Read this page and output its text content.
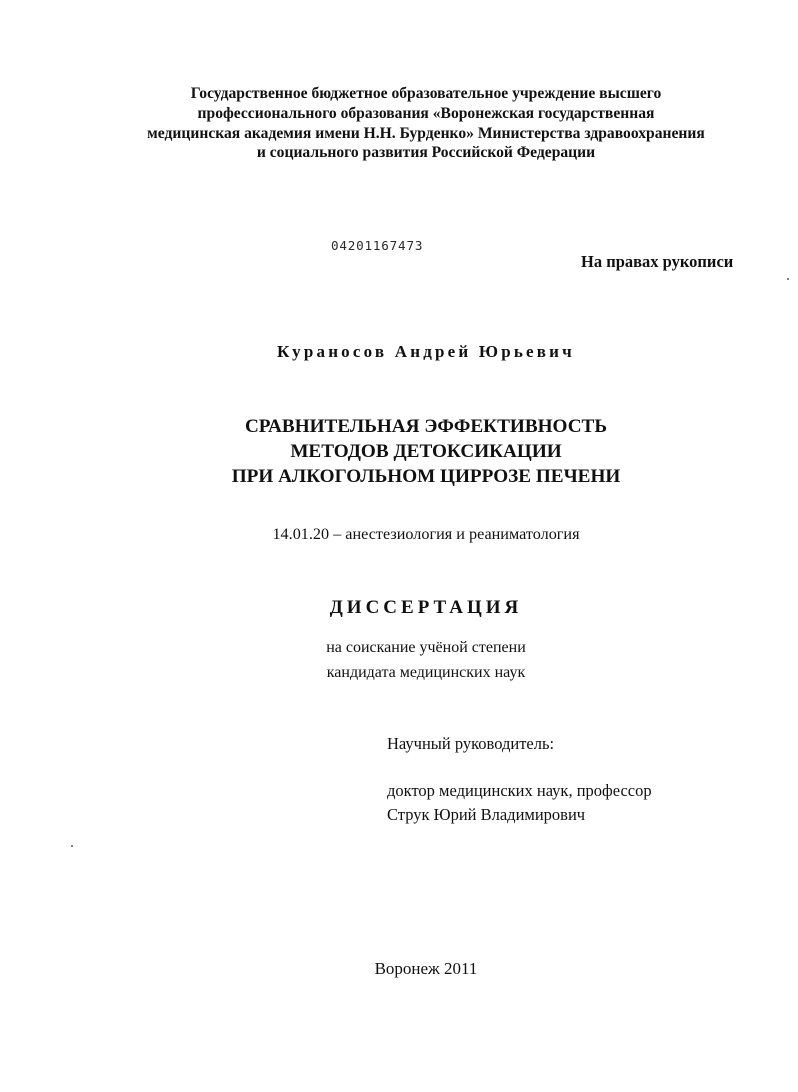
Государственное бюджетное образовательное учреждение высшего
профессионального образования «Воронежская государственная
медицинская академия имени Н.Н. Бурденко» Министерства здравоохранения
и социального развития Российской Федерации
04201167473
На правах рукописи
Кураносов Андрей Юрьевич
СРАВНИТЕЛЬНАЯ ЭФФЕКТИВНОСТЬ
МЕТОДОВ ДЕТОКСИКАЦИИ
ПРИ АЛКОГОЛЬНОМ ЦИРРОЗЕ ПЕЧЕНИ
14.01.20 – анестезиология и реаниматология
ДИССЕРТАЦИЯ
на соискание учёной степени
кандидата медицинских наук
Научный руководитель:
доктор медицинских наук, профессор
Струк Юрий Владимирович
Воронеж 2011
